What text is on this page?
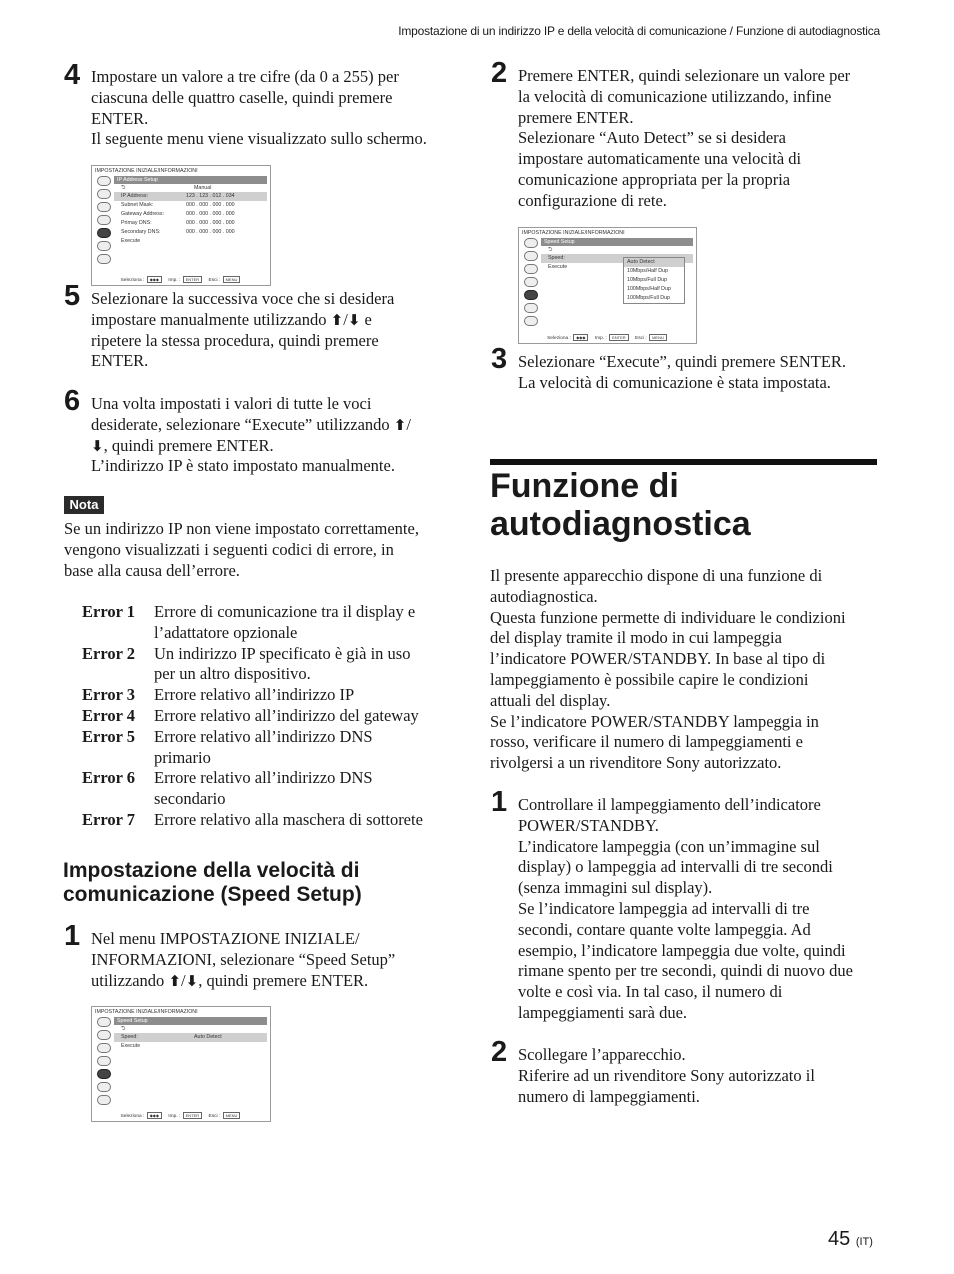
Impostazione di un indirizzo IP e della velocità di comunicazione / Funzione di autodiagnostica
4 Impostare un valore a tre cifre (da 0 a 255) per
ciascuna delle quattro caselle, quindi premere
ENTER.
Il seguente menu viene visualizzato sullo schermo.
IMPOSTAZIONE INIZIALE/INFORMAZIONI
IP Address Setup
⮌	Manual
IP Address:	123 . 123 . 012 . 034
Subnet Mask:	000 . 000 . 000 . 000
Gateway Address:	000 . 000 . 000 . 000
Primay DNS:	000 . 000 . 000 . 000
Secondary DNS:	000 . 000 . 000 . 000
Execute
Seleziona : ◆◆◆ Imp. : ENTER Esci : MENU
5 Selezionare la successiva voce che si desidera
impostare manualmente utilizzando ⬆/⬇ e
ripetere la stessa procedura, quindi premere
ENTER.
6 Una volta impostati i valori di tutte le voci
desiderate, selezionare “Execute” utilizzando ⬆/
⬇, quindi premere ENTER.
L’indirizzo IP è stato impostato manualmente.
Nota
Se un indirizzo IP non viene impostato correttamente,
vengono visualizzati i seguenti codici di errore, in
base alla causa dell’errore.
Error 1 Errore di comunicazione tra il display e
l’adattatore opzionale
Error 2 Un indirizzo IP specificato è già in uso
per un altro dispositivo.
Error 3 Errore relativo all’indirizzo IP
Error 4 Errore relativo all’indirizzo del gateway
Error 5 Errore relativo all’indirizzo DNS
primario
Error 6 Errore relativo all’indirizzo DNS
secondario
Error 7 Errore relativo alla maschera di sottorete
Impostazione della velocità di
comunicazione (Speed Setup)
1 Nel menu IMPOSTAZIONE INIZIALE/
INFORMAZIONI, selezionare “Speed Setup”
utilizzando ⬆/⬇, quindi premere ENTER.
IMPOSTAZIONE INIZIALE/INFORMAZIONI
Speed Setup
⮌
Speed:	Auto Detect
Execute
Seleziona : ◆◆◆ Imp. : ENTER Esci : MENU
2 Premere ENTER, quindi selezionare un valore per
la velocità di comunicazione utilizzando, infine
premere ENTER.
Selezionare “Auto Detect” se si desidera
impostare automaticamente una velocità di
comunicazione appropriata per la propria
configurazione di rete.
IMPOSTAZIONE INIZIALE/INFORMAZIONI
Speed Setup
⮌
Speed:
Execute
Auto Detect
10Mbps/Half Dup
10Mbps/Full Dup
100Mbps/Half Dup
100Mbps/Full Dup
Seleziona : ◆◆◆ Imp. : ENTER Esci : MENU
3 Selezionare “Execute”, quindi premere SENTER.
La velocità di comunicazione è stata impostata.
Funzione di
autodiagnostica
Il presente apparecchio dispone di una funzione di
autodiagnostica.
Questa funzione permette di individuare le condizioni
del display tramite il modo in cui lampeggia
l’indicatore POWER/STANDBY. In base al tipo di
lampeggiamento è possibile capire le condizioni
attuali del display.
Se l’indicatore POWER/STANDBY lampeggia in
rosso, verificare il numero di lampeggiamenti e
rivolgersi a un rivenditore Sony autorizzato.
1 Controllare il lampeggiamento dell’indicatore
POWER/STANDBY.
L’indicatore lampeggia (con un’immagine sul
display) o lampeggia ad intervalli di tre secondi
(senza immagini sul display).
Se l’indicatore lampeggia ad intervalli di tre
secondi, contare quante volte lampeggia. Ad
esempio, l’indicatore lampeggia due volte, quindi
rimane spento per tre secondi, quindi di nuovo due
volte e così via. In tal caso, il numero di
lampeggiamenti sarà due.
2 Scollegare l’apparecchio.
Riferire ad un rivenditore Sony autorizzato il
numero di lampeggiamenti.
45 (IT)
